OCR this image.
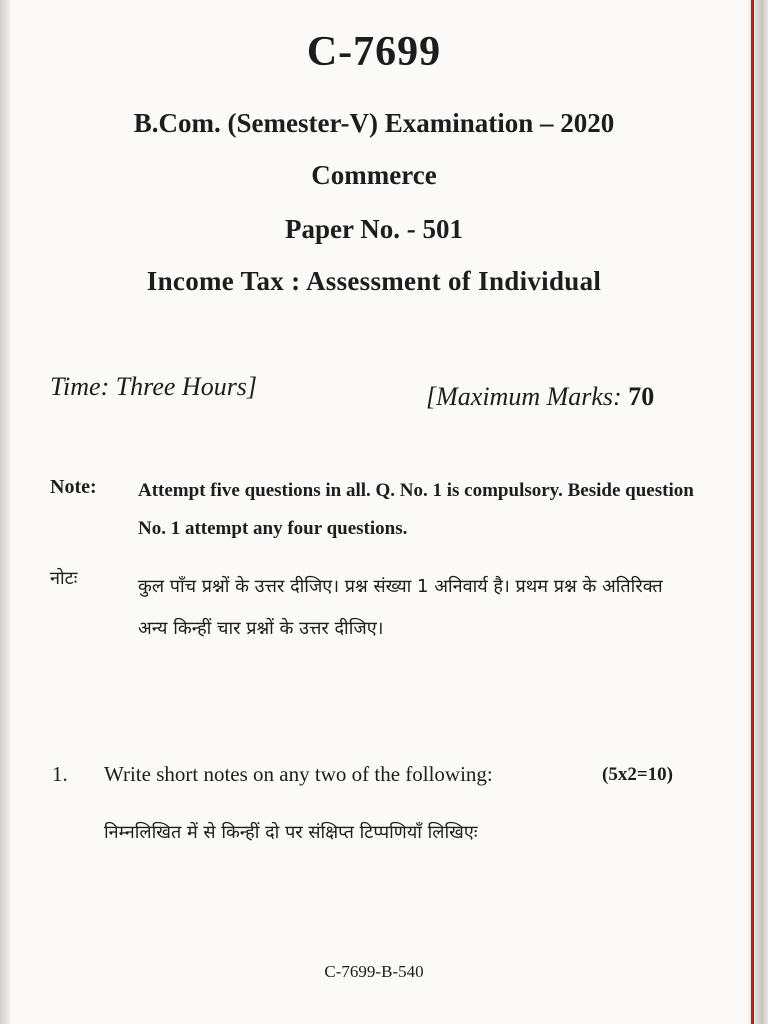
C-7699
B.Com. (Semester-V) Examination – 2020
Commerce
Paper No. - 501
Income Tax : Assessment of Individual
Time: Three Hours]	[Maximum Marks: 70
Note: Attempt five questions in all. Q. No. 1 is compulsory. Beside question No. 1 attempt any four questions.
नोटः	कुल पाँच प्रश्नों के उत्तर दीजिए। प्रश्न संख्या 1 अनिवार्य है। प्रथम प्रश्न के अतिरिक्त अन्य किन्हीं चार प्रश्नों के उत्तर दीजिए।
1. Write short notes on any two of the following:	(5x2=10)
निम्नलिखित में से किन्हीं दो पर संक्षिप्त टिप्पणियाँ लिखिएः
C-7699-B-540
